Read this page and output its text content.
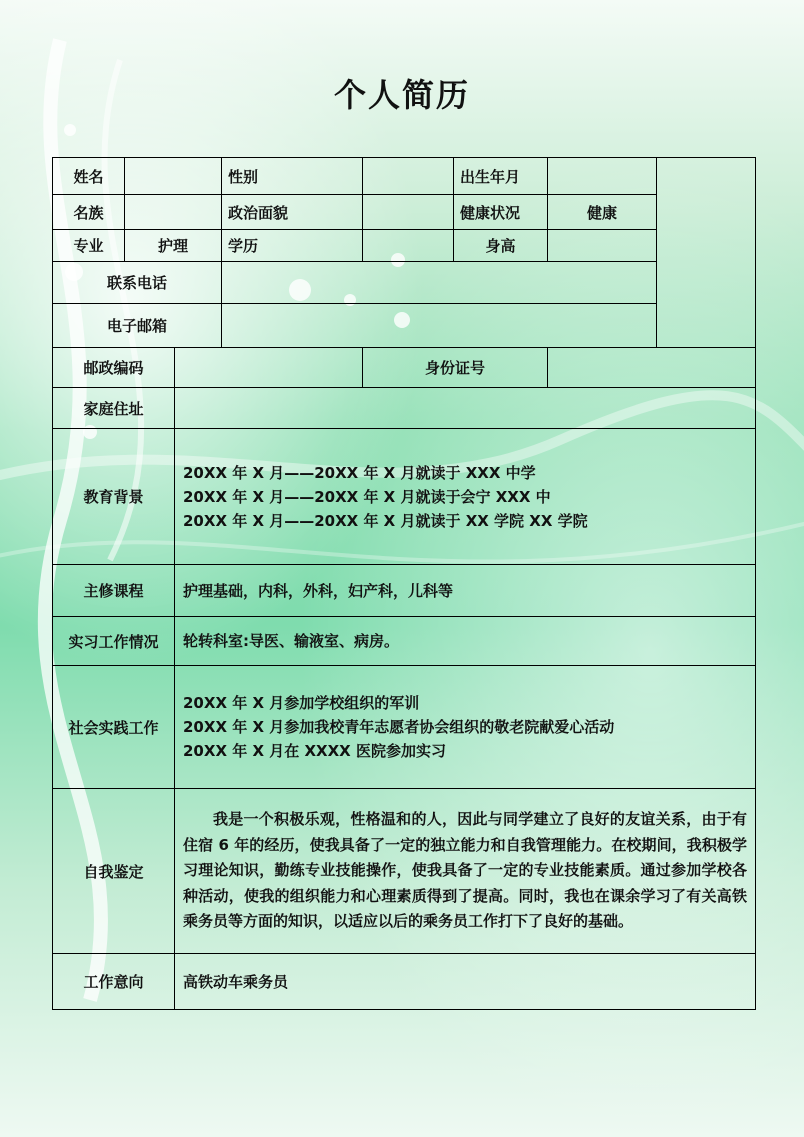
个人简历
姓名			性别		出生年月		
名族			政治面貌		健康状况	健康	
专业	护理		学历		身高		
联系电话							
电子邮箱							
邮政编码				身份证号			
家庭住址							
教育背景		20XX 年 X 月——20XX 年 X 月就读于 XXX 中学
20XX 年 X 月——20XX 年 X 月就读于会宁 XXX 中
20XX 年 X 月——20XX 年 X 月就读于 XX 学院 XX 学院					

主修课程		护理基础，内科，外科，妇产科，儿科等					
实习工作情况		轮转科室:导医、输液室、病房。					
社会实践工作		20XX 年 X 月参加学校组织的军训
20XX 年 X 月参加我校青年志愿者协会组织的敬老院献爱心活动
20XX 年 X 月在 XXXX 医院参加实习					

自我鉴定		我是一个积极乐观，性格温和的人，因此与同学建立了良好的友谊关系，由于有住宿 6 年的经历，使我具备了一定的独立能力和自我管理能力。在校期间，我积极学习理论知识，勤练专业技能操作，使我具备了一定的专业技能素质。通过参加学校各种活动，使我的组织能力和心理素质得到了提高。同时，我也在课余学习了有关高铁乘务员等方面的知识，以适应以后的乘务员工作打下了良好的基础。					

工作意向		高铁动车乘务员					
